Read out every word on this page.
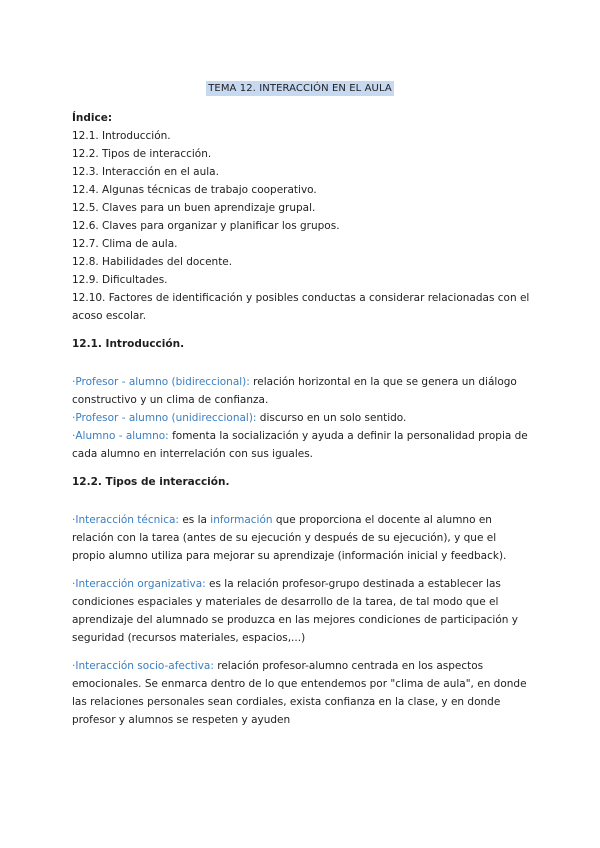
TEMA 12. INTERACCIÓN EN EL AULA

Índice:

12.1. Introducción.
12.2. Tipos de interacción.
12.3. Interacción en el aula.
12.4. Algunas técnicas de trabajo cooperativo.
12.5. Claves para un buen aprendizaje grupal.
12.6. Claves para organizar y planificar los grupos.
12.7. Clima de aula.
12.8. Habilidades del docente.
12.9. Dificultades.
12.10. Factores de identificación y posibles conductas a considerar relacionadas con el acoso escolar.

12.1. Introducción.

·Profesor - alumno (bidireccional): relación horizontal en la que se genera un diálogo constructivo y un clima de confianza.

·Profesor - alumno (unidireccional): discurso en un solo sentido.

·Alumno - alumno: fomenta la socialización y ayuda a definir la personalidad propia de cada alumno en interrelación con sus iguales.

12.2. Tipos de interacción.

·Interacción técnica: es la información que proporciona el docente al alumno en relación con la tarea (antes de su ejecución y después de su ejecución), y que el propio alumno utiliza para mejorar su aprendizaje (información inicial y feedback).

·Interacción organizativa: es la relación profesor-grupo destinada a establecer las condiciones espaciales y materiales de desarrollo de la tarea, de tal modo que el aprendizaje del alumnado se produzca en las mejores condiciones de participación y seguridad (recursos materiales, espacios,...)

·Interacción socio-afectiva: relación profesor-alumno centrada en los aspectos emocionales. Se enmarca dentro de lo que entendemos por "clima de aula", en donde las relaciones personales sean cordiales, exista confianza en la clase, y en donde profesor y alumnos se respeten y ayuden
